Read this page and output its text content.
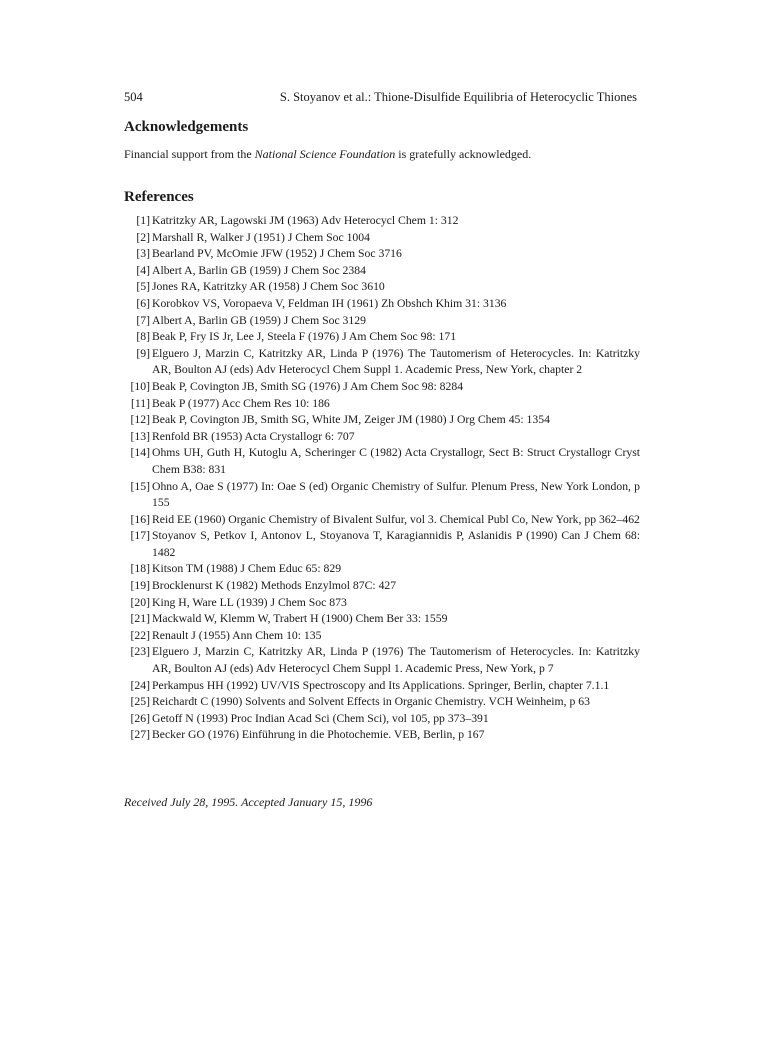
504	S. Stoyanov et al.: Thione-Disulfide Equilibria of Heterocyclic Thiones
Acknowledgements
Financial support from the National Science Foundation is gratefully acknowledged.
References
[1] Katritzky AR, Lagowski JM (1963) Adv Heterocycl Chem 1: 312
[2] Marshall R, Walker J (1951) J Chem Soc 1004
[3] Bearland PV, McOmie JFW (1952) J Chem Soc 3716
[4] Albert A, Barlin GB (1959) J Chem Soc 2384
[5] Jones RA, Katritzky AR (1958) J Chem Soc 3610
[6] Korobkov VS, Voropaeva V, Feldman IH (1961) Zh Obshch Khim 31: 3136
[7] Albert A, Barlin GB (1959) J Chem Soc 3129
[8] Beak P, Fry IS Jr, Lee J, Steela F (1976) J Am Chem Soc 98: 171
[9] Elguero J, Marzin C, Katritzky AR, Linda P (1976) The Tautomerism of Heterocycles. In: Katritzky AR, Boulton AJ (eds) Adv Heterocycl Chem Suppl 1. Academic Press, New York, chapter 2
[10] Beak P, Covington JB, Smith SG (1976) J Am Chem Soc 98: 8284
[11] Beak P (1977) Acc Chem Res 10: 186
[12] Beak P, Covington JB, Smith SG, White JM, Zeiger JM (1980) J Org Chem 45: 1354
[13] Renfold BR (1953) Acta Crystallogr 6: 707
[14] Ohms UH, Guth H, Kutoglu A, Scheringer C (1982) Acta Crystallogr, Sect B: Struct Crystallogr Cryst Chem B38: 831
[15] Ohno A, Oae S (1977) In: Oae S (ed) Organic Chemistry of Sulfur. Plenum Press, New York London, p 155
[16] Reid EE (1960) Organic Chemistry of Bivalent Sulfur, vol 3. Chemical Publ Co, New York, pp 362–462
[17] Stoyanov S, Petkov I, Antonov L, Stoyanova T, Karagiannidis P, Aslanidis P (1990) Can J Chem 68: 1482
[18] Kitson TM (1988) J Chem Educ 65: 829
[19] Brocklenurst K (1982) Methods Enzylmol 87C: 427
[20] King H, Ware LL (1939) J Chem Soc 873
[21] Mackwald W, Klemm W, Trabert H (1900) Chem Ber 33: 1559
[22] Renault J (1955) Ann Chem 10: 135
[23] Elguero J, Marzin C, Katritzky AR, Linda P (1976) The Tautomerism of Heterocycles. In: Katritzky AR, Boulton AJ (eds) Adv Heterocycl Chem Suppl 1. Academic Press, New York, p 7
[24] Perkampus HH (1992) UV/VIS Spectroscopy and Its Applications. Springer, Berlin, chapter 7.1.1
[25] Reichardt C (1990) Solvents and Solvent Effects in Organic Chemistry. VCH Weinheim, p 63
[26] Getoff N (1993) Proc Indian Acad Sci (Chem Sci), vol 105, pp 373–391
[27] Becker GO (1976) Einführung in die Photochemie. VEB, Berlin, p 167
Received July 28, 1995. Accepted January 15, 1996
